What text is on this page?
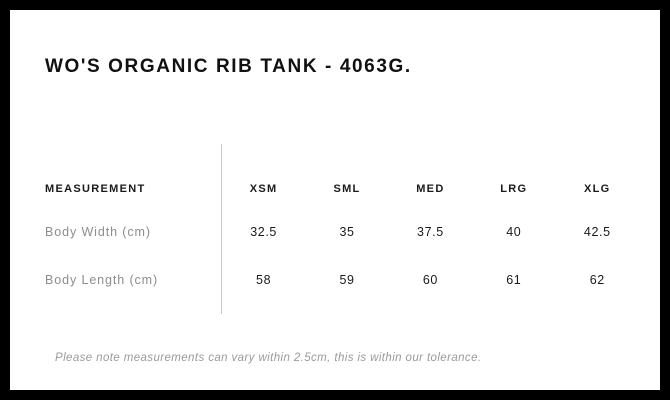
WO'S ORGANIC RIB TANK - 4063G.
MEASUREMENT	XSM	SML	MED	LRG	XLG
Body Width (cm)	32.5	35	37.5	40	42.5
Body Length (cm)	58	59	60	61	62
Please note measurements can vary within 2.5cm, this is within our tolerance.
